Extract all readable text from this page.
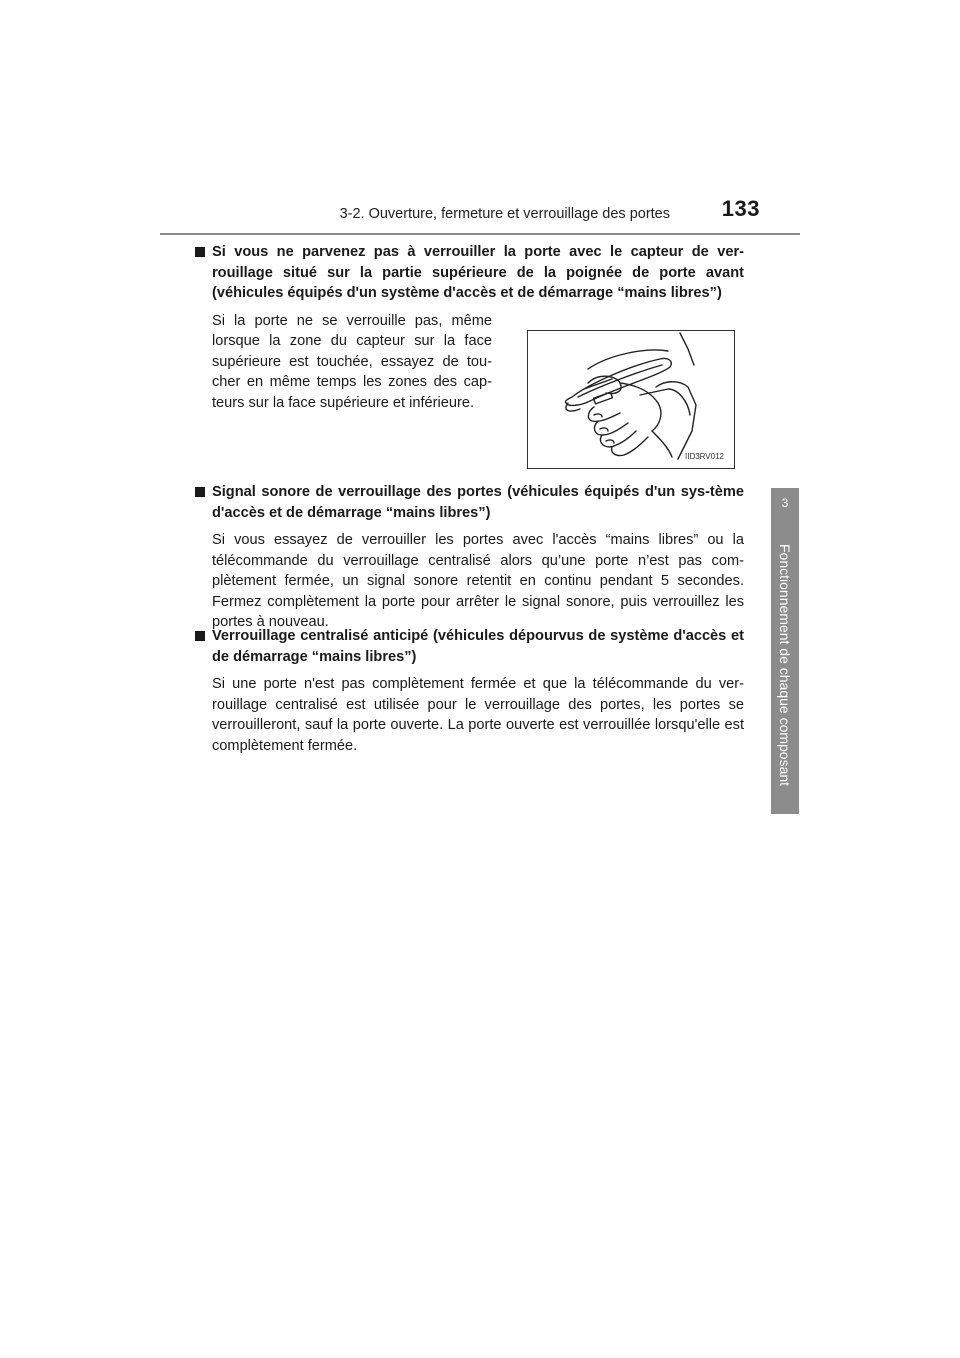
3-2. Ouverture, fermeture et verrouillage des portes 133
3
Fonctionnement de chaque composant

Si vous ne parvenez pas à verrouiller la porte avec le capteur de ver-rouillage situé sur la partie supérieure de la poignée de porte avant (véhicules équipés d'un système d'accès et de démarrage “mains libres”)

Si la porte ne se verrouille pas, même lorsque la zone du capteur sur la face supérieure est touchée, essayez de tou-cher en même temps les zones des cap-teurs sur la face supérieure et inférieure.

IID3RV012

Signal sonore de verrouillage des portes (véhicules équipés d'un sys-tème d'accès et de démarrage “mains libres”)

Si vous essayez de verrouiller les portes avec l'accès “mains libres” ou la télécommande du verrouillage centralisé alors qu’une porte n’est pas com-plètement fermée, un signal sonore retentit en continu pendant 5 secondes. Fermez complètement la porte pour arrêter le signal sonore, puis verrouillez les portes à nouveau.

Verrouillage centralisé anticipé (véhicules dépourvus de système d'accès et de démarrage “mains libres”)

Si une porte n'est pas complètement fermée et que la télécommande du ver-rouillage centralisé est utilisée pour le verrouillage des portes, les portes se verrouilleront, sauf la porte ouverte. La porte ouverte est verrouillée lorsqu'elle est complètement fermée.
